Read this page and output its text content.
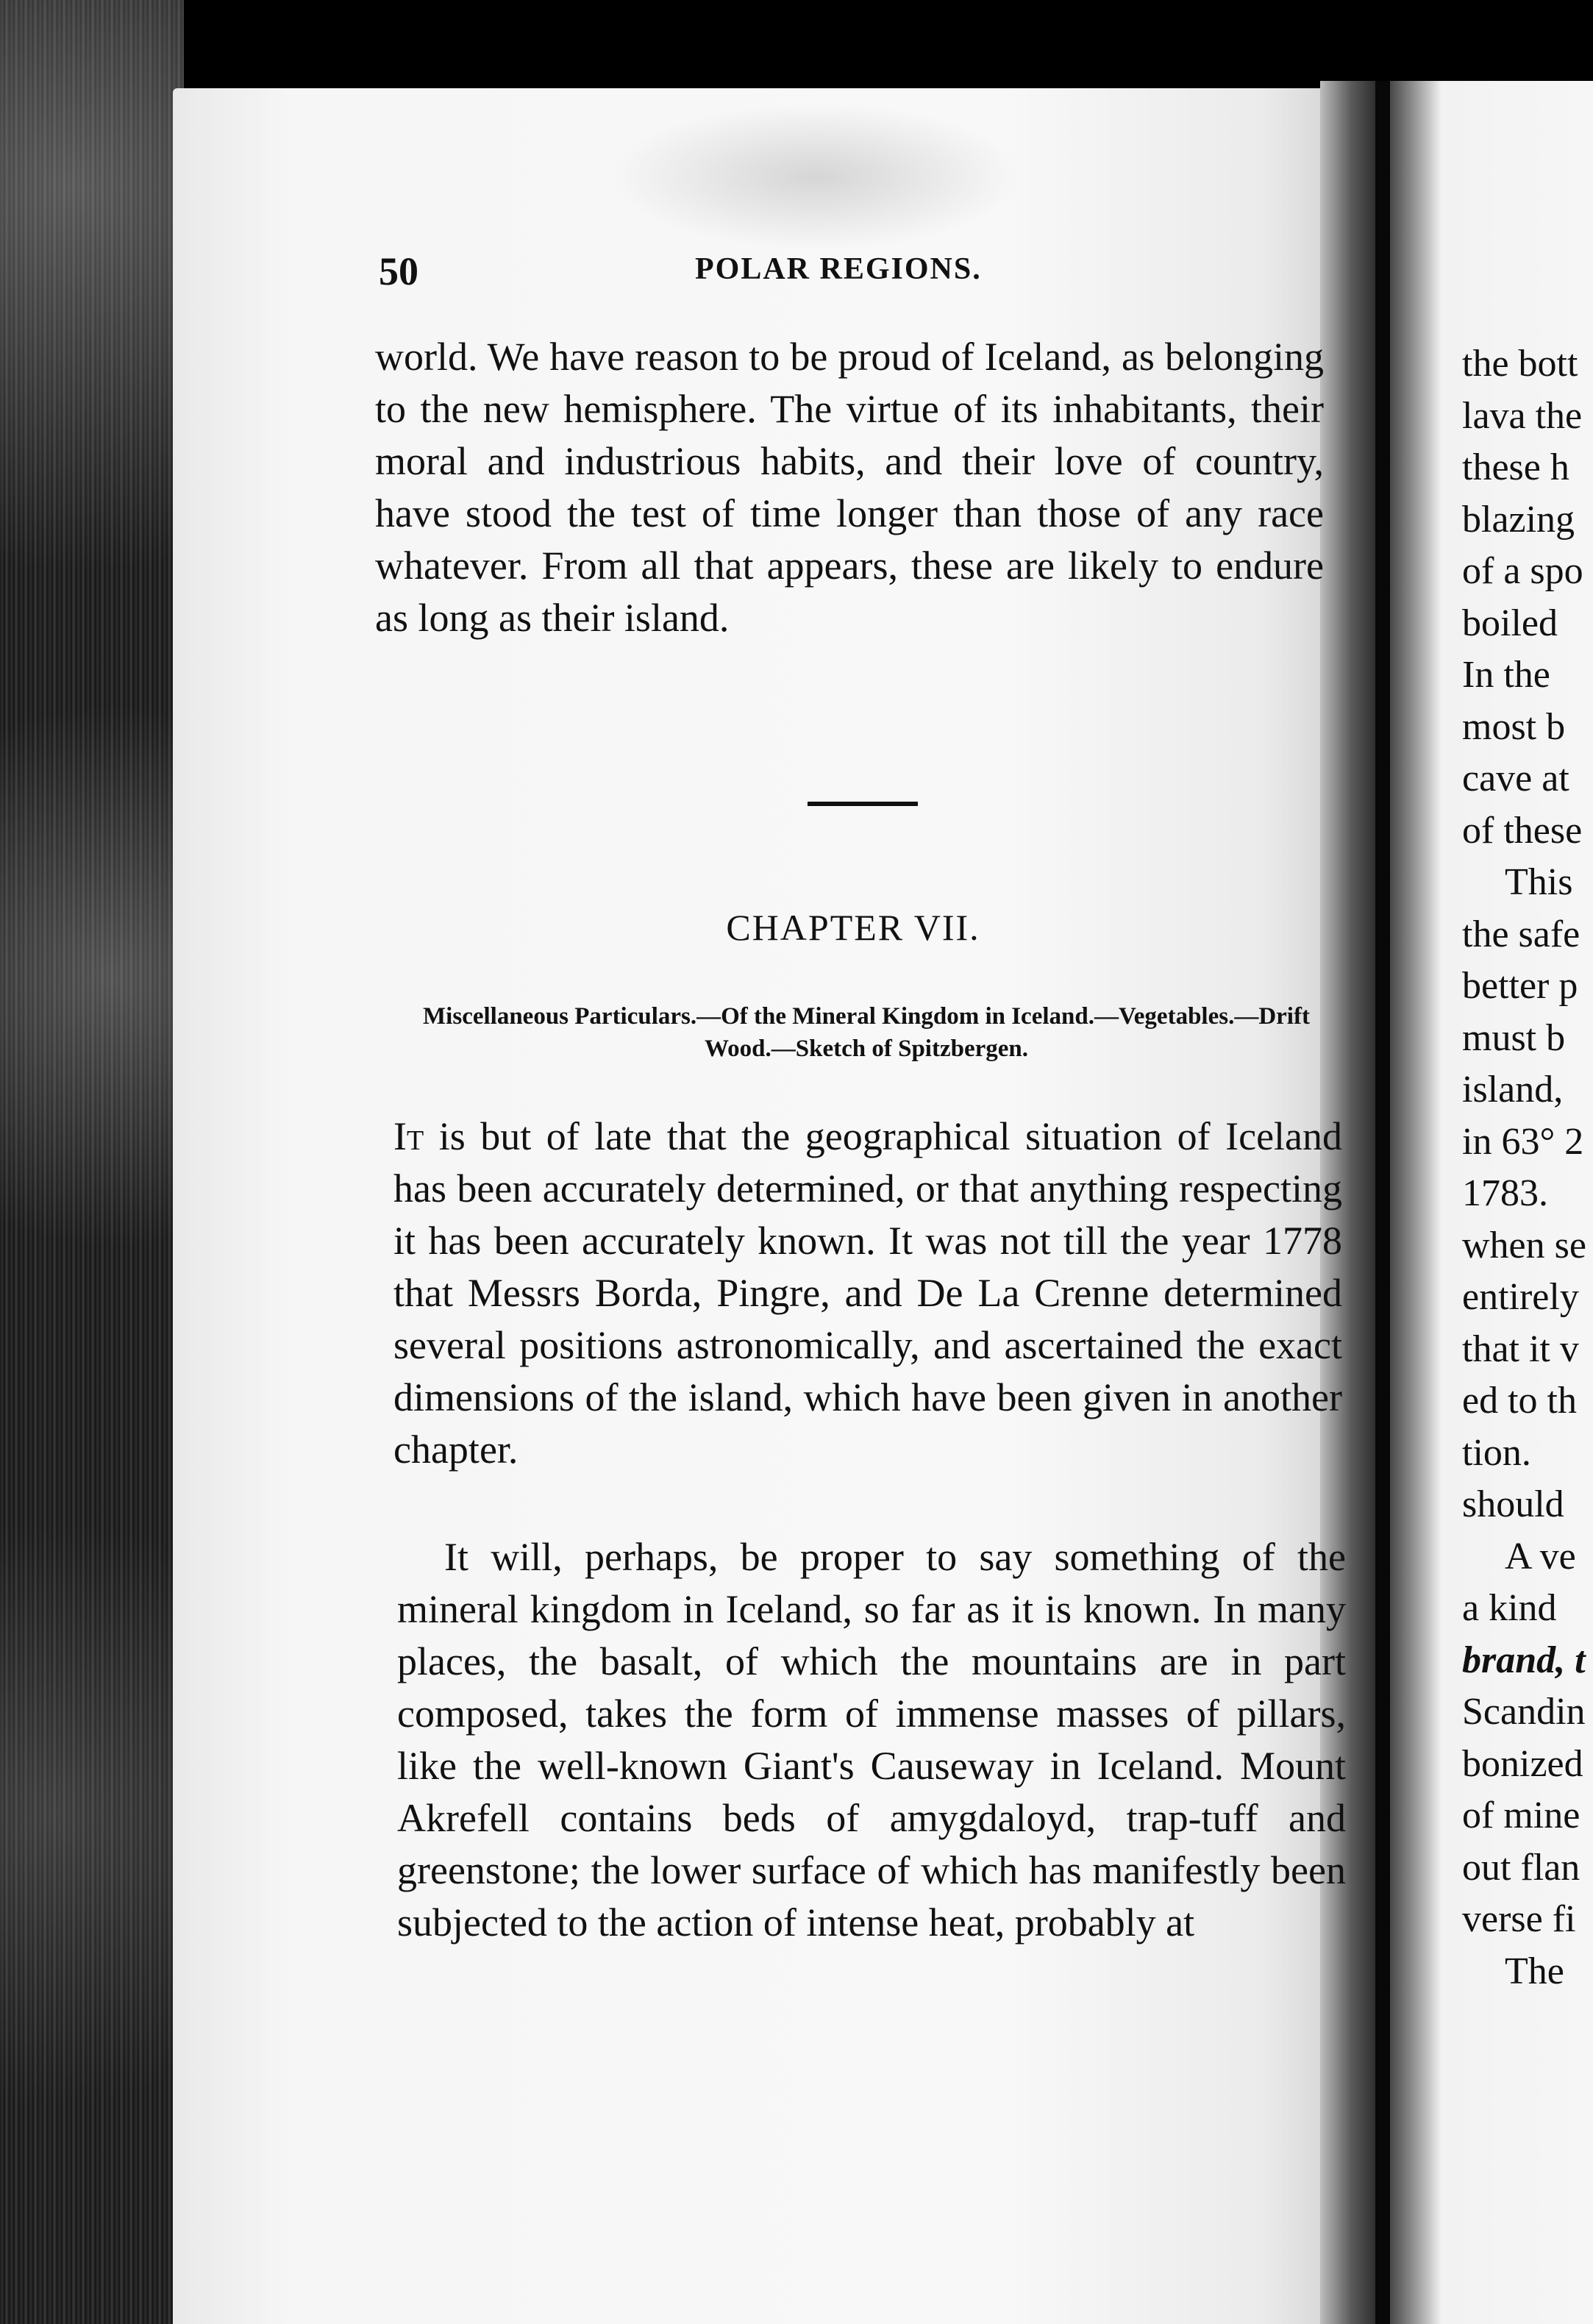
50	POLAR REGIONS.
world. We have reason to be proud of Iceland, as belonging to the new hemisphere. The virtue of its inhabitants, their moral and industrious habits, and their love of country, have stood the test of time longer than those of any race whatever. From all that appears, these are likely to endure as long as their island.
CHAPTER VII.
Miscellaneous Particulars.—Of the Mineral Kingdom in Iceland.—Vegetables.—Drift Wood.—Sketch of Spitzbergen.
It is but of late that the geographical situation of Iceland has been accurately determined, or that anything respecting it has been accurately known. It was not till the year 1778 that Messrs Borda, Pingre, and De La Crenne determined several positions astronomically, and ascertained the exact dimensions of the island, which have been given in another chapter.
It will, perhaps, be proper to say something of the mineral kingdom in Iceland, so far as it is known. In many places, the basalt, of which the mountains are in part composed, takes the form of immense masses of pillars, like the well-known Giant's Causeway in Iceland. Mount Akrefell contains beds of amygdaloyd, trap-tuff and greenstone; the lower surface of which has manifestly been subjected to the action of intense heat, probably at
the bott
lava the
these h
blazing
of a spo
boiled
In the
most b
cave at
of these
This
the safe
better p
must b
island,
in 63° 2
1783.
when se
entirely
that it v
ed to th
tion.
should
A ve
a kind
brand, t
Scandin
bonized
of mine
out flan
verse fi
The
